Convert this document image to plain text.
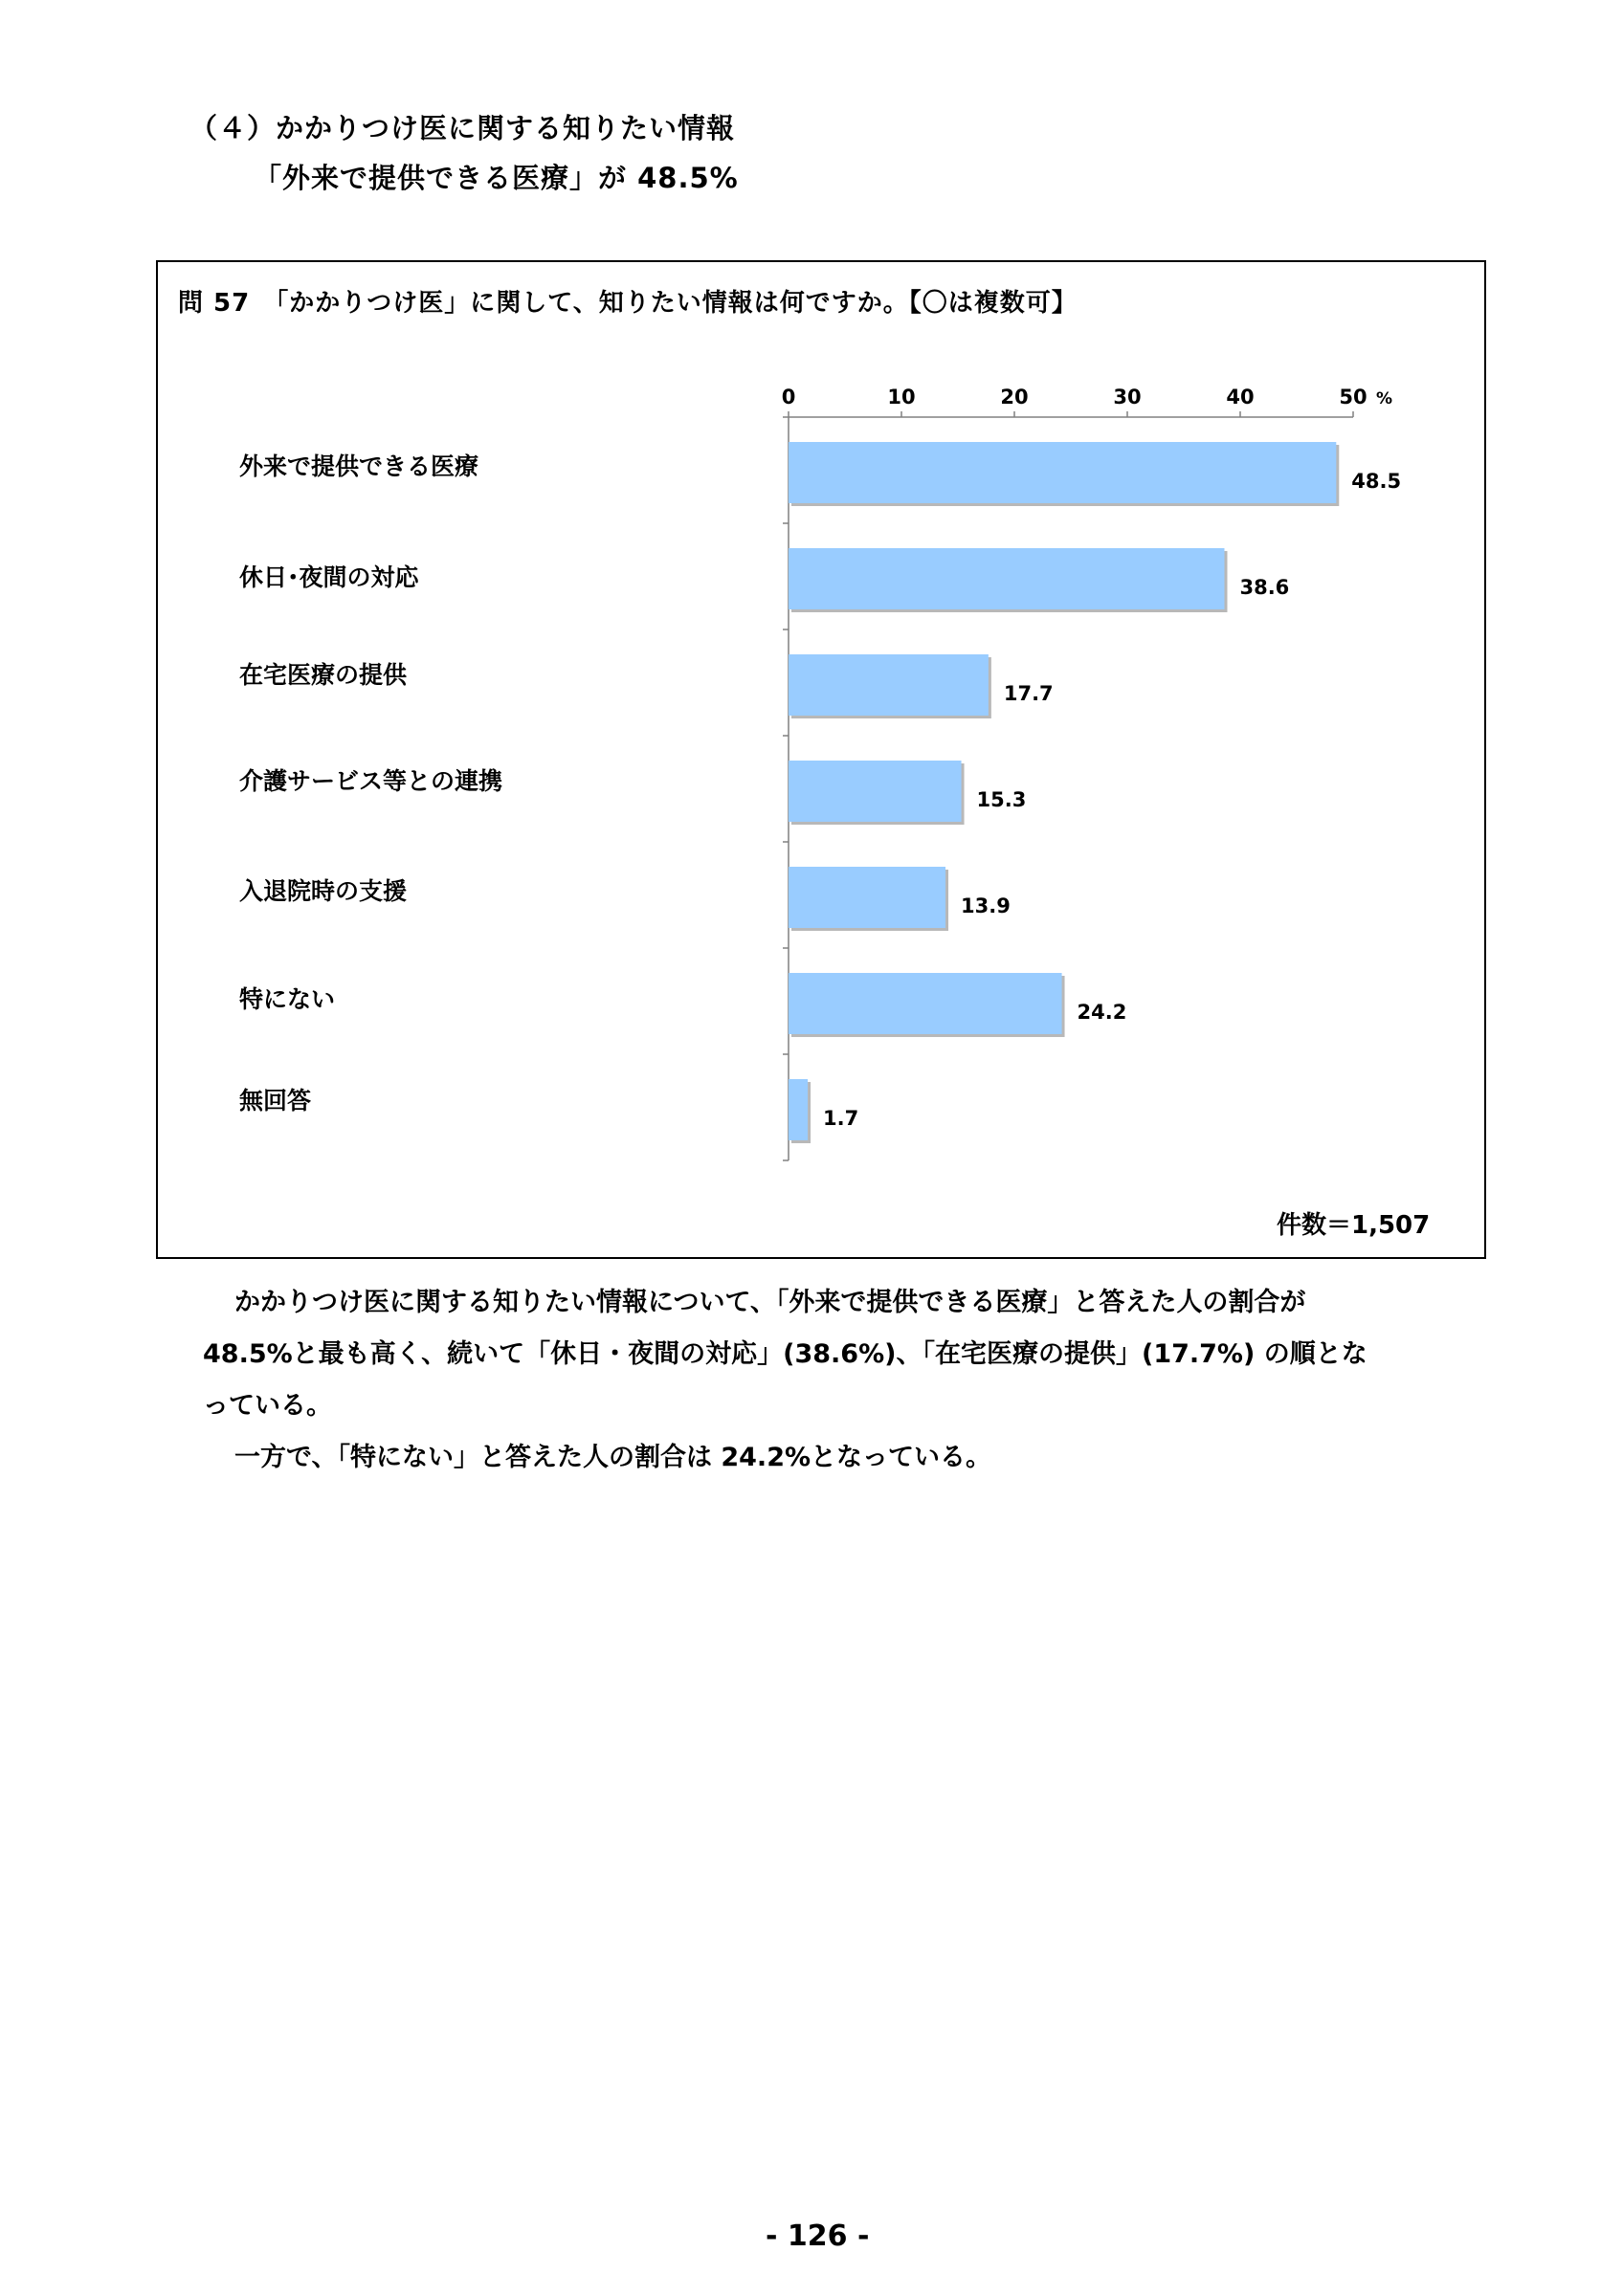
（４）かかりつけ医に関する知りたい情報
「外来で提供できる医療」が 48.5%
問 57　「かかりつけ医」に関して、知りたい情報は何ですか。【〇は複数可】
外来で提供できる医療
休日･夜間の対応
在宅医療の提供
介護サービス等との連携
入退院時の支援
特にない
無回答
0	10	20	30	40	50 %
48.5
38.6
17.7
15.3
13.9
24.2
1.7
件数＝1,507
かかりつけ医に関する知りたい情報について、「外来で提供できる医療」と答えた人の割合が
48.5%と最も高く、続いて「休日・夜間の対応」(38.6%)、「在宅医療の提供」(17.7%) の順とな
っている。
一方で、「特にない」と答えた人の割合は 24.2%となっている。
- 126 -
